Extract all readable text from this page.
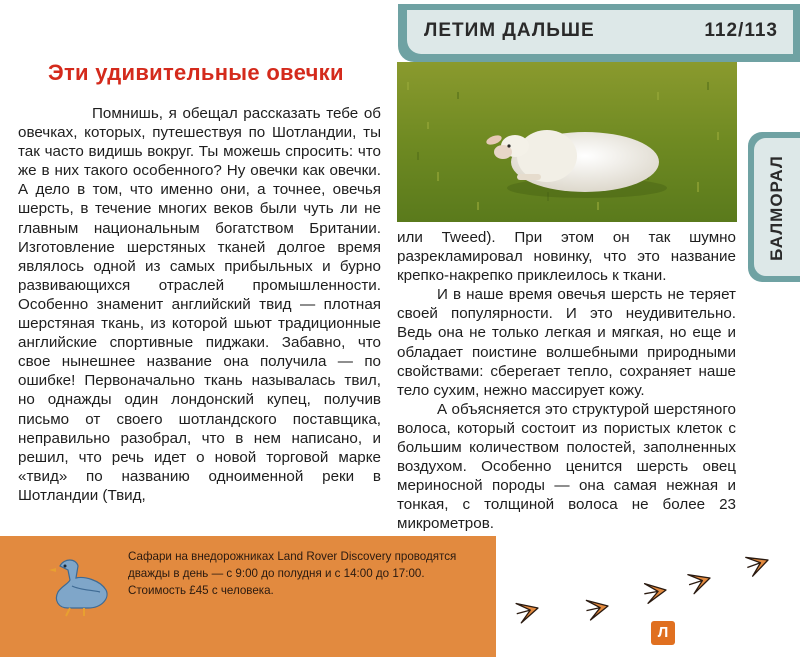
ЛЕТИМ ДАЛЬШЕ	112/113
БАЛМОРАЛ
Эти удивительные овечки

Помнишь, я обещал рассказать тебе об овечках, которых, путешествуя по Шотландии, ты так часто видишь вокруг. Ты можешь спросить: что же в них такого особенного? Ну овечки как овечки. А дело в том, что именно они, а точнее, овечья шерсть, в течение многих веков были чуть ли не главным национальным богатством Британии. Изготовление шерстяных тканей долгое время являлось одной из самых прибыльных и бурно развивающихся отраслей промышленности. Особенно знаменит английский твид — плотная шерстяная ткань, из которой шьют традиционные английские спортивные пиджаки. Забавно, что свое нынешнее название она получила — по ошибке! Первоначально ткань называлась твил, но однажды один лондонский купец, получив письмо от своего шотландского поставщика, неправильно разобрал, что в нем написано, и решил, что речь идет о новой торговой марке «твид» по названию одноименной реки в Шотландии (Твид,

или Tweed). При этом он так шумно разрекламировал новинку, что это название крепко-накрепко приклеилось к ткани.

И в наше время овечья шерсть не теряет своей популярности. И это неудивительно. Ведь она не только легкая и мягкая, но еще и обладает поистине волшебными природными свойствами: сберегает тепло, сохраняет наше тело сухим, нежно массирует кожу.

А объясняется это структурой шерстяного волоса, который состоит из пористых клеток с большим количеством полостей, заполненных воздухом. Особенно ценится шерсть овец мериносной породы — она самая нежная и тонкая, с толщиной волоса не более 23 микрометров.

Сафари на внедорожниках Land Rover Discovery проводятся дважды в день — с 9:00 до полудня и с 14:00 до 17:00.
Стоимость £45 с человека.

Л
